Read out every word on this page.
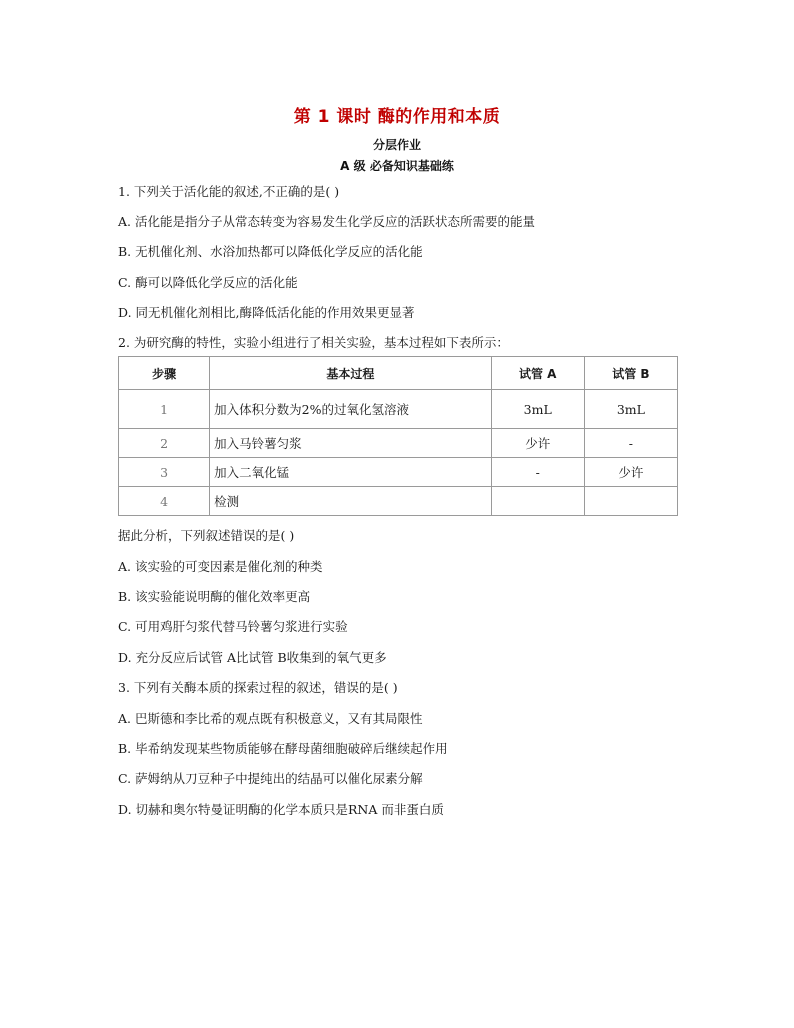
第 1 课时 酶的作用和本质
分层作业
A 级 必备知识基础练
1. 下列关于活化能的叙述,不正确的是( )
A. 活化能是指分子从常态转变为容易发生化学反应的活跃状态所需要的能量
B. 无机催化剂、水浴加热都可以降低化学反应的活化能
C. 酶可以降低化学反应的活化能
D. 同无机催化剂相比,酶降低活化能的作用效果更显著
2. 为研究酶的特性，实验小组进行了相关实验，基本过程如下表所示：
步骤	基本过程	试管 A	试管 B
1	加入体积分数为2%的过氧化氢溶液	3mL	3mL
2	加入马铃薯匀浆	少许	-
3	加入二氧化锰	-	少许
4	检测		
据此分析，下列叙述错误的是( )
A. 该实验的可变因素是催化剂的种类
B. 该实验能说明酶的催化效率更高
C. 可用鸡肝匀浆代替马铃薯匀浆进行实验
D. 充分反应后试管 A比试管 B收集到的氧气更多
3. 下列有关酶本质的探索过程的叙述，错误的是( )
A. 巴斯德和李比希的观点既有积极意义，又有其局限性
B. 毕希纳发现某些物质能够在酵母菌细胞破碎后继续起作用
C. 萨姆纳从刀豆种子中提纯出的结晶可以催化尿素分解
D. 切赫和奥尔特曼证明酶的化学本质只是RNA 而非蛋白质
